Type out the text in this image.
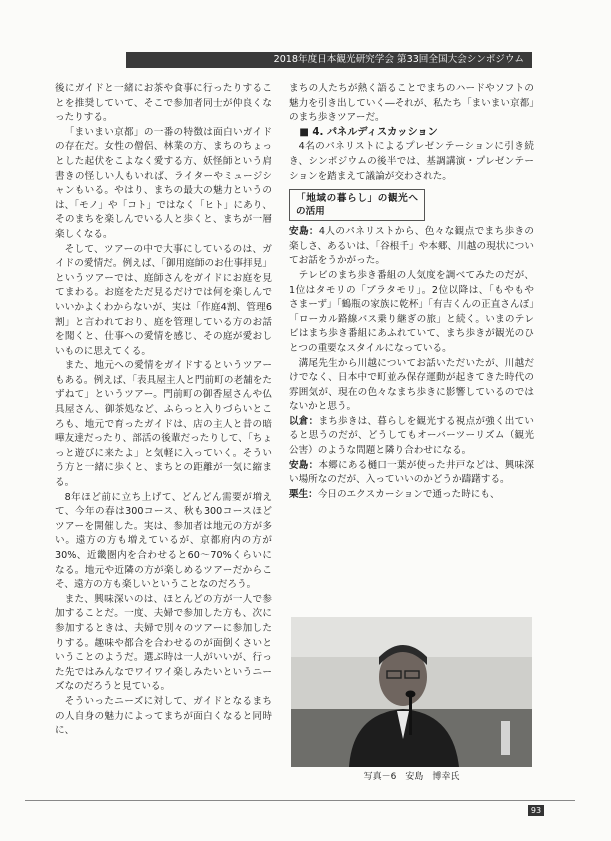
2018年度日本観光研究学会 第33回全国大会シンポジウム

後にガイドと一緒にお茶や食事に行ったりすることを推奨していて、そこで参加者同士が仲良くなったりする。

「まいまい京都」の一番の特徴は面白いガイドの存在だ。女性の僧侶、林業の方、まちのちょっとした起伏をこよなく愛する方、妖怪師という肩書きの怪しい人もいれば、ライターやミュージシャンもいる。やはり、まちの最大の魅力というのは、「モノ」や「コト」ではなく「ヒト」にあり、そのまちを楽しんでいる人と歩くと、まちが一層楽しくなる。

そして、ツアーの中で大事にしているのは、ガイドの愛情だ。例えば、「御用庭師のお仕事拝見」というツアーでは、庭師さんをガイドにお庭を見てまわる。お庭をただ見るだけでは何を楽しんでいいかよくわからないが、実は「作庭4割、管理6割」と言われており、庭を管理している方のお話を聞くと、仕事への愛情を感じ、その庭が愛おしいものに思えてくる。

また、地元への愛情をガイドするというツアーもある。例えば、「表具屋主人と門前町の老舗をたずねて」というツアー。門前町の御香屋さんや仏具屋さん、御茶処など、ふらっと入りづらいところも、地元で育ったガイドは、店の主人と昔の暗嘩友達だったり、部活の後輩だったりして、「ちょっと遊びに来たよ」と気軽に入っていく。そういう方と一緒に歩くと、まちとの距離が一気に縮まる。

8年ほど前に立ち上げて、どんどん需要が増えて、今年の春は300コース、秋も300コースほどツアーを開催した。実は、参加者は地元の方が多い。遠方の方も増えているが、京都府内の方が30%、近畿圏内を合わせると60～70%くらいになる。地元や近隣の方が楽しめるツアーだからこそ、遠方の方も楽しいということなのだろう。

また、興味深いのは、ほとんどの方が一人で参加することだ。一度、夫婦で参加した方も、次に参加するときは、夫婦で別々のツアーに参加したりする。趣味や都合を合わせるのが面倒くさいということのようだ。選ぶ時は一人がいいが、行った先ではみんなでワイワイ楽しみたいというニーズなのだろうと見ている。

そういったニーズに対して、ガイドとなるまちの人自身の魅力によってまちが面白くなると同時に、

まちの人たちが熱く語ることでまちのハードやソフトの魅力を引き出していく―それが、私たち「まいまい京都」のまち歩きツアーだ。

■ 4. パネルディスカッション

4名のパネリストによるプレゼンテーションに引き続き、シンポジウムの後半では、基調講演・プレゼンテーションを踏まえて議論が交わされた。

「地域の暮らし」の観光への活用

安島：4人のパネリストから、色々な観点でまち歩きの楽しさ、あるいは、「谷根千」や本郷、川越の現状についてお話をうかがった。

テレビのまち歩き番組の人気度を調べてみたのだが、1位はタモリの「ブラタモリ」。2位以降は、「もやもや さまーず」「鶴瓶の家族に乾杯」「有吉くんの正直さんぽ」「ローカル路線バス乗り継ぎの旅」と続く。いまのテレビはまち歩き番組にあふれていて、まち歩きが観光のひとつの重要なスタイルになっている。

溝尾先生から川越についてお話いただいたが、川越だけでなく、日本中で町並み保存運動が起きてきた時代の雰囲気が、現在の色々なまち歩きに影響しているのではないかと思う。

以倉：まち歩きは、暮らしを観光する視点が強く出ていると思うのだが、どうしてもオーバーツーリズム（観光公害）のような問題と隣り合わせになる。

安島：本郷にある樋口一葉が使った井戸などは、興味深い場所なのだが、入っていいのかどうか躊躇する。

栗生：今日のエクスカーションで通った時にも、

写真－6　安島　博幸氏
93
